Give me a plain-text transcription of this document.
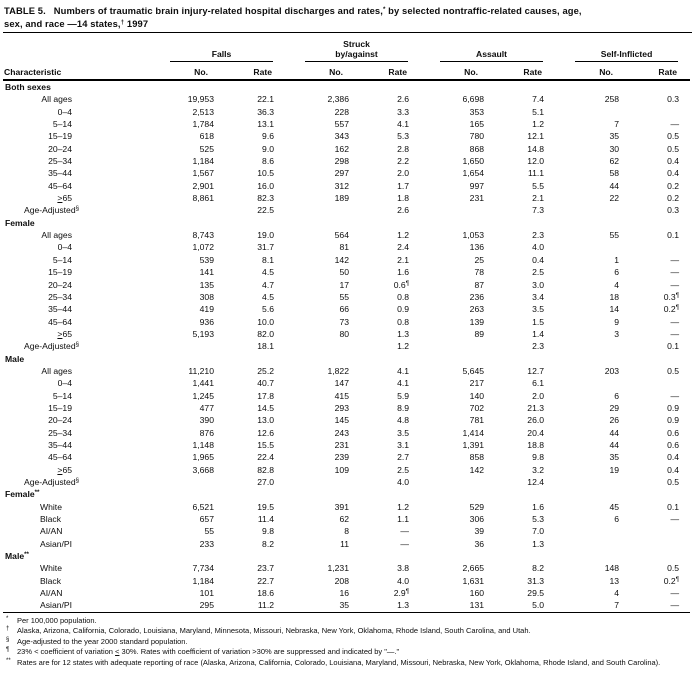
TABLE 5. Numbers of traumatic brain injury-related hospital discharges and rates,* by selected nontraffic-related causes, age,
sex, and race —14 states,† 1997
Characteristic	Falls		Struck
by/against		Assault		Self-Inflicted	

	No.	Rate	No.	Rate	No.	Rate	No.	Rate
Both sexes								
All ages	19,953	22.1	2,386	2.6	6,698	7.4	258	0.3
0–4	2,513	36.3	228	3.3	353	5.1		
5–14	1,784	13.1	557	4.1	165	1.2	7	—
15–19	618	9.6	343	5.3	780	12.1	35	0.5
20–24	525	9.0	162	2.8	868	14.8	30	0.5
25–34	1,184	8.6	298	2.2	1,650	12.0	62	0.4
35–44	1,567	10.5	297	2.0	1,654	11.1	58	0.4
45–64	2,901	16.0	312	1.7	997	5.5	44	0.2
>65	8,861	82.3	189	1.8	231	2.1	22	0.2
Age-Adjusted§		22.5		2.6		7.3		0.3
Female								
All ages	8,743	19.0	564	1.2	1,053	2.3	55	0.1
0–4	1,072	31.7	81	2.4	136	4.0		
5–14	539	8.1	142	2.1	25	0.4	1	—
15–19	141	4.5	50	1.6	78	2.5	6	—
20–24	135	4.7	17	0.6¶	87	3.0	4	—
25–34	308	4.5	55	0.8	236	3.4	18	0.3¶
35–44	419	5.6	66	0.9	263	3.5	14	0.2¶
45–64	936	10.0	73	0.8	139	1.5	9	—
>65	5,193	82.0	80	1.3	89	1.4	3	—
Age-Adjusted§		18.1		1.2		2.3		0.1
Male								
All ages	11,210	25.2	1,822	4.1	5,645	12.7	203	0.5
0–4	1,441	40.7	147	4.1	217	6.1		
5–14	1,245	17.8	415	5.9	140	2.0	6	—
15–19	477	14.5	293	8.9	702	21.3	29	0.9
20–24	390	13.0	145	4.8	781	26.0	26	0.9
25–34	876	12.6	243	3.5	1,414	20.4	44	0.6
35–44	1,148	15.5	231	3.1	1,391	18.8	44	0.6
45–64	1,965	22.4	239	2.7	858	9.8	35	0.4
>65	3,668	82.8	109	2.5	142	3.2	19	0.4
Age-Adjusted§		27.0		4.0		12.4		0.5
Female**
White	6,521	19.5	391	1.2	529	1.6	45	0.1
Black	657	11.4	62	1.1	306	5.3	6	—
AI/AN	55	9.8	8	—	39	7.0		
Asian/PI	233	8.2	11	—	36	1.3		
Male**
White	7,734	23.7	1,231	3.8	2,665	8.2	148	0.5
Black	1,184	22.7	208	4.0	1,631	31.3	13	0.2¶
AI/AN	101	18.6	16	2.9¶	160	29.5	4	—
Asian/PI	295	11.2	35	1.3	131	5.0	7	—
* Per 100,000 population.
† Alaska, Arizona, California, Colorado, Louisiana, Maryland, Minnesota, Missouri, Nebraska, New York, Oklahoma, Rhode Island, South Carolina, and Utah.
§ Age-adjusted to the year 2000 standard population.
¶ 23% < coefficient of variation < 30%. Rates with coefficient of variation >30% are suppressed and indicated by "—."
** Rates are for 12 states with adequate reporting of race (Alaska, Arizona, California, Colorado, Louisiana, Maryland, Missouri, Nebraska, New York, Oklahoma, Rhode Island, and South Carolina).
